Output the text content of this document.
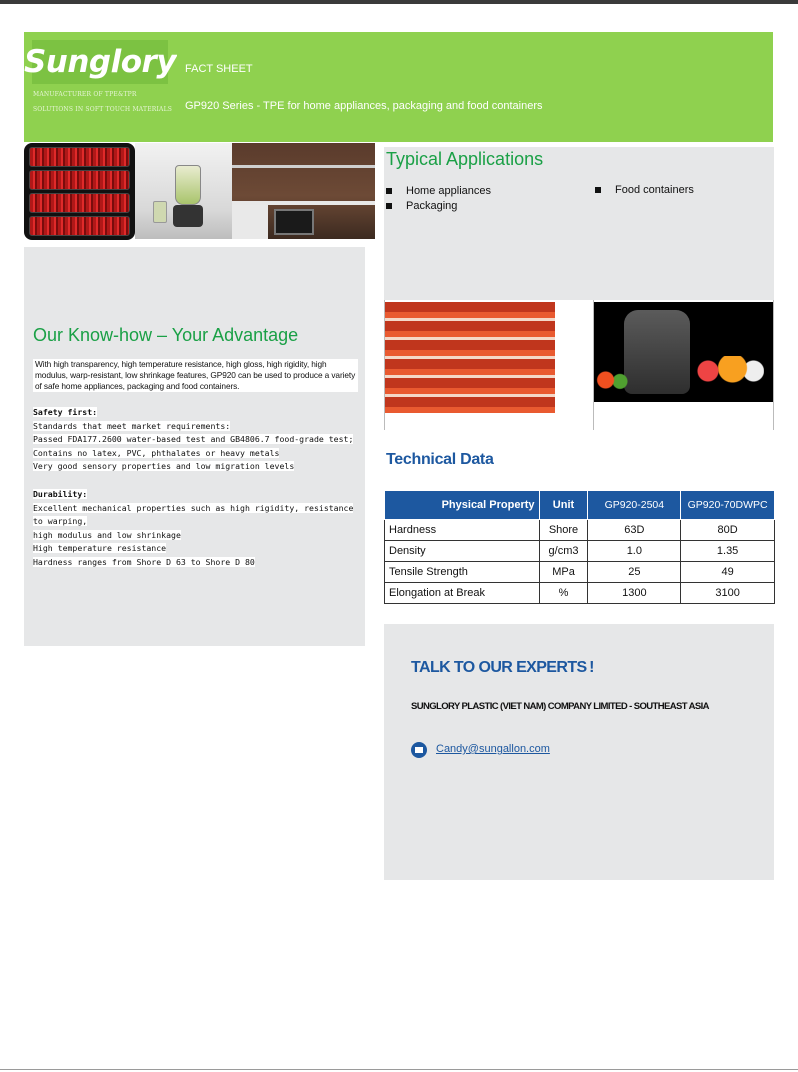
Sunglory
MANUFACTURER OF TPE&TPR
SOLUTIONS IN SOFT TOUCH MATERIALS
FACT SHEET
GP920 Series - TPE for home appliances, packaging and food containers
Typical Applications
Home appliances
Packaging
Food containers
Our Know-how – Your Advantage
With high transparency, high temperature resistance, high gloss, high rigidity, high modulus, warp-resistant, low shrinkage features, GP920 can be used to produce a variety of safe home appliances, packaging and food containers.
Safety first:
Standards that meet market requirements:
Passed FDA177.2600 water-based test and GB4806.7 food-grade test;
Contains no latex, PVC, phthalates or heavy metals
Very good sensory properties and low migration levels
Durability:
Excellent mechanical properties such as high rigidity, resistance to warping,
high modulus and low shrinkage
High temperature resistance
Hardness ranges from Shore D 63 to Shore D 80
Technical Data
Physical Property	Unit	GP920-2504	GP920-70DWPC
Hardness	Shore	63D	80D
Density	g/cm3	1.0	1.35
Tensile Strength	MPa	25	49
Elongation at Break	%	1300	3100
TALK TO OUR EXPERTS !
SUNGLORY PLASTIC (VIET NAM) COMPANY LIMITED - SOUTHEAST ASIA
Candy@sungallon.com
